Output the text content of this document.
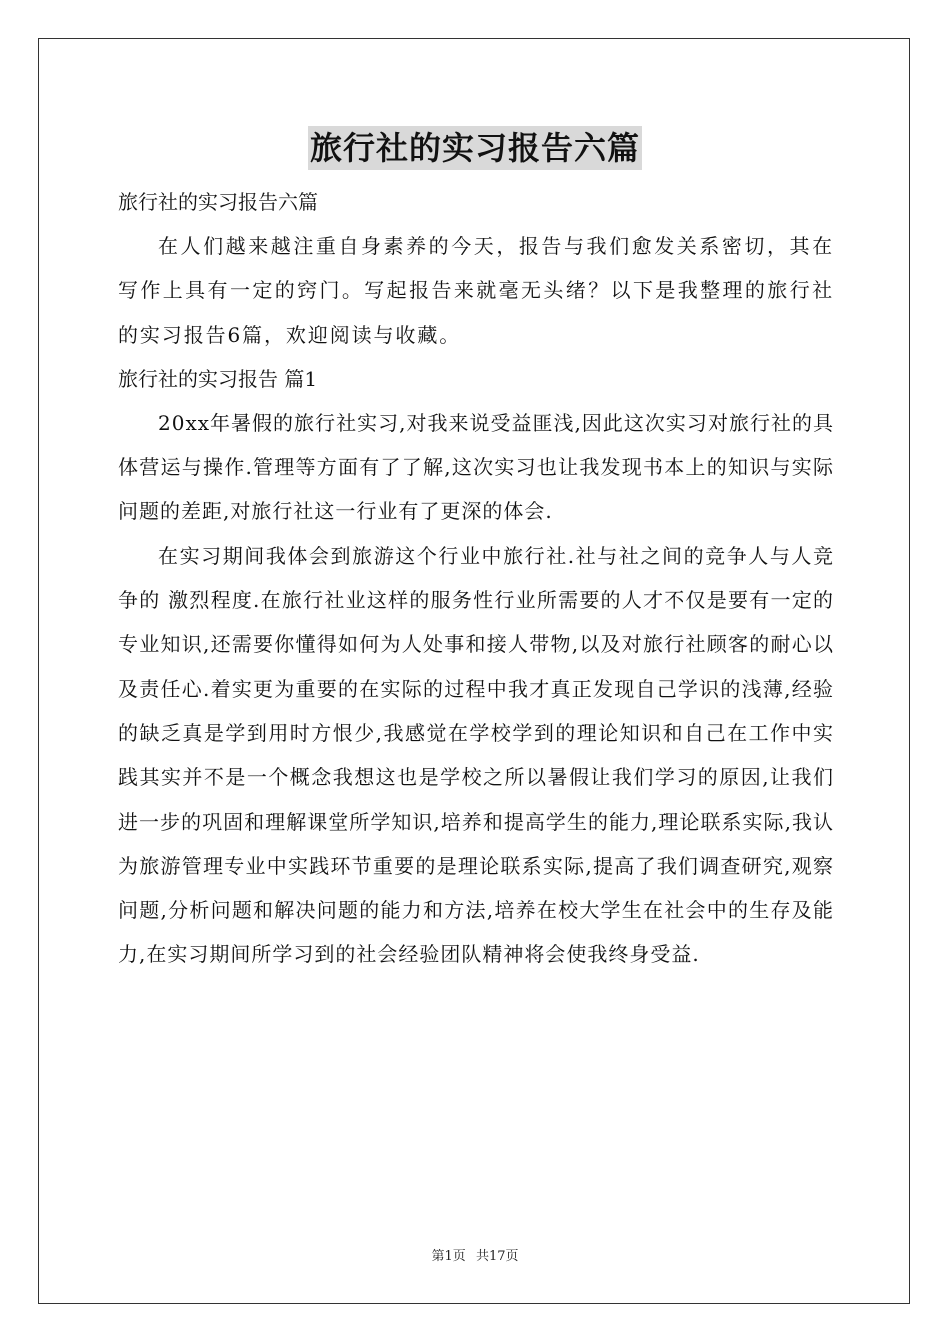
旅行社的实习报告六篇
旅行社的实习报告六篇

在人们越来越注重自身素养的今天，报告与我们愈发关系密切，其在写作上具有一定的窍门。写起报告来就毫无头绪？以下是我整理的旅行社的实习报告6篇，欢迎阅读与收藏。

旅行社的实习报告 篇1

20xx年暑假的旅行社实习,对我来说受益匪浅,因此这次实习对旅行社的具体营运与操作.管理等方面有了了解,这次实习也让我发现书本上的知识与实际问题的差距,对旅行社这一行业有了更深的体会.

在实习期间我体会到旅游这个行业中旅行社.社与社之间的竞争人与人竞争的 激烈程度.在旅行社业这样的服务性行业所需要的人才不仅是要有一定的专业知识,还需要你懂得如何为人处事和接人带物,以及对旅行社顾客的耐心以及责任心.着实更为重要的在实际的过程中我才真正发现自己学识的浅薄,经验的缺乏真是学到用时方恨少,我感觉在学校学到的理论知识和自己在工作中实践其实并不是一个概念我想这也是学校之所以暑假让我们学习的原因,让我们进一步的巩固和理解课堂所学知识,培养和提高学生的能力,理论联系实际,我认为旅游管理专业中实践环节重要的是理论联系实际,提高了我们调查研究,观察问题,分析问题和解决问题的能力和方法,培养在校大学生在社会中的生存及能力,在实习期间所学习到的社会经验团队精神将会使我终身受益.

第1页 共17页
